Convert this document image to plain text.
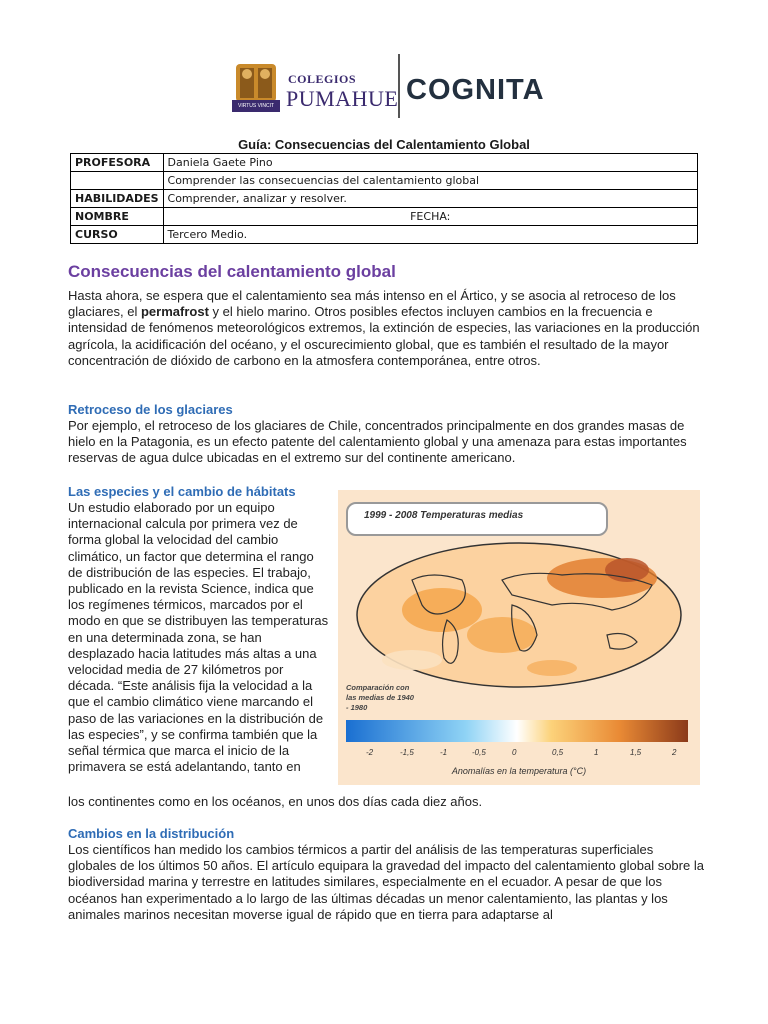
VIRTUS VINCIT
COLEGIOS
PUMAHUE COGNITA
Guía: Consecuencias del Calentamiento Global
PROFESORA	Daniela Gaete Pino
	Comprender las consecuencias del calentamiento global
HABILIDADES	Comprender, analizar y resolver.
NOMBRE	FECHA:
CURSO	Tercero Medio.
Consecuencias del calentamiento global

Hasta ahora, se espera que el calentamiento sea más intenso en el Ártico, y se asocia al retroceso de los glaciares, el permafrost y el hielo marino. Otros posibles efectos incluyen cambios en la frecuencia e intensidad de fenómenos meteorológicos extremos, la extinción de especies, las variaciones en la producción agrícola, la acidificación del océano, y el oscurecimiento global, que es también el resultado de la mayor concentración de dióxido de carbono en la atmosfera contemporánea, entre otros.

Retroceso de los glaciares

Por ejemplo, el retroceso de los glaciares de Chile, concentrados principalmente en dos grandes masas de hielo en la Patagonia, es un efecto patente del calentamiento global y una amenaza para estas importantes reservas de agua dulce ubicadas en el extremo sur del continente americano.

Las especies y el cambio de hábitats

Un estudio elaborado por un equipo internacional calcula por primera vez de forma global la velocidad del cambio climático, un factor que determina el rango de distribución de las especies. El trabajo, publicado en la revista Science, indica que los regímenes térmicos, marcados por el modo en que se distribuyen las temperaturas en una determinada zona, se han desplazado hacia latitudes más altas a una velocidad media de 27 kilómetros por década. “Este análisis fija la velocidad a la que el cambio climático viene marcando el paso de las variaciones en la distribución de las especies”, y se confirma también que la señal térmica que marca el inicio de la primavera se está adelantando, tanto en

los continentes como en los océanos, en unos dos días cada diez años.

1999 - 2008 Temperaturas medias
Comparación con las medias de 1940 - 1980
-2	-1,5	-1	-0,5	0	0,5	1	1,5	2
Anomalías en la temperatura (°C)
Cambios en la distribución

Los científicos han medido los cambios térmicos a partir del análisis de las temperaturas superficiales globales de los últimos 50 años. El artículo equipara la gravedad del impacto del calentamiento global sobre la biodiversidad marina y terrestre en latitudes similares, especialmente en el ecuador. A pesar de que los océanos han experimentado a lo largo de las últimas décadas un menor calentamiento, las plantas y los animales marinos necesitan moverse igual de rápido que en tierra para adaptarse al
